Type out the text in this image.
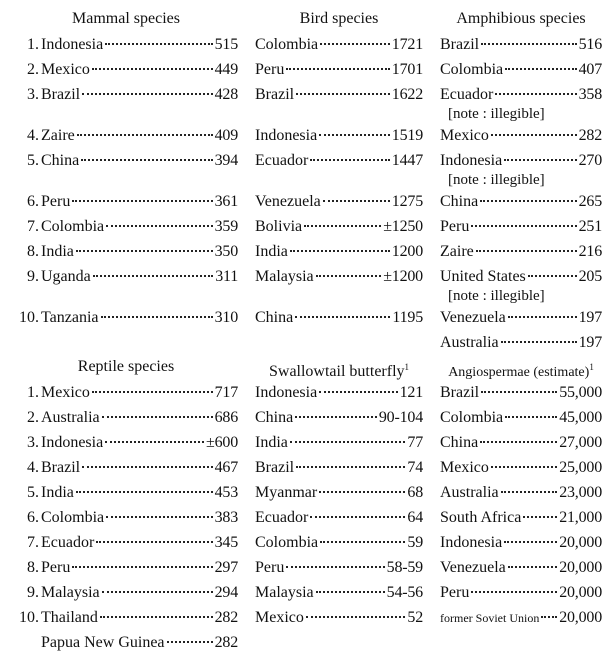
Mammal species
1. Indonesia	515
2. Mexico	449
3. Brazil	428
4. Zaire	409
5. China	394
6. Peru	361
7. Colombia	359
8. India	350
9. Uganda	311
10. Tanzania	310
Bird species
Colombia	1721
Peru	1701
Brazil	1622
Indonesia	1519
Ecuador	1447
Venezuela	1275
Bolivia	±1250
India	1200
Malaysia	±1200
China	1195
Amphibious species
Brazil	516
Colombia	407
Ecuador	358
[note : illegible]
Mexico	282
Indonesia	270
[note : illegible]
China	265
Peru	251
Zaire	216
United States	205
[note : illegible]
Venezuela	197
Australia	197
Reptile species
1. Mexico	717
2. Australia	686
3. Indonesia	±600
4. Brazil	467
5. India	453
6. Colombia	383
7. Ecuador	345
8. Peru	297
9. Malaysia	294
10. Thailand	282
Papua New Guinea	282
Swallowtail butterfly$^1$
Indonesia	121
China	90-104
India	77
Brazil	74
Myanmar	68
Ecuador	64
Colombia	59
Peru	58-59
Malaysia	54-56
Mexico	52
Angiospermae (estimate)$^1$
Brazil	55,000
Colombia	45,000
China	27,000
Mexico	25,000
Australia	23,000
South Africa 21,000
Indonesia	20,000
Venezuela	20,000
Peru	20,000
former Soviet Union 20,000
